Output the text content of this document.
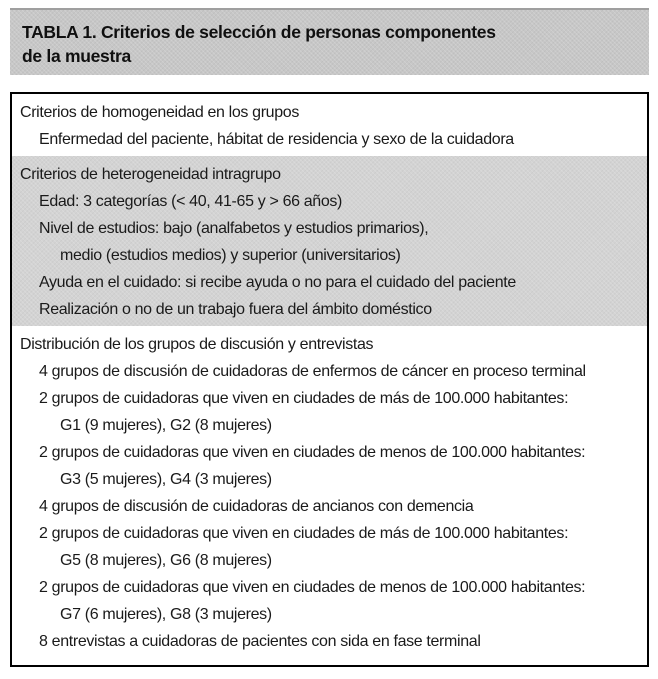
TABLA 1. Criterios de selección de personas componentes
de la muestra
Criterios de homogeneidad en los grupos
Enfermedad del paciente, hábitat de residencia y sexo de la cuidadora
Criterios de heterogeneidad intragrupo
Edad: 3 categorías (< 40, 41-65 y > 66 años)
Nivel de estudios: bajo (analfabetos y estudios primarios),
medio (estudios medios) y superior (universitarios)
Ayuda en el cuidado: si recibe ayuda o no para el cuidado del paciente
Realización o no de un trabajo fuera del ámbito doméstico
Distribución de los grupos de discusión y entrevistas
4 grupos de discusión de cuidadoras de enfermos de cáncer en proceso terminal
2 grupos de cuidadoras que viven en ciudades de más de 100.000 habitantes:
G1 (9 mujeres), G2 (8 mujeres)
2 grupos de cuidadoras que viven en ciudades de menos de 100.000 habitantes:
G3 (5 mujeres), G4 (3 mujeres)
4 grupos de discusión de cuidadoras de ancianos con demencia
2 grupos de cuidadoras que viven en ciudades de más de 100.000 habitantes:
G5 (8 mujeres), G6 (8 mujeres)
2 grupos de cuidadoras que viven en ciudades de menos de 100.000 habitantes:
G7 (6 mujeres), G8 (3 mujeres)
8 entrevistas a cuidadoras de pacientes con sida en fase terminal
